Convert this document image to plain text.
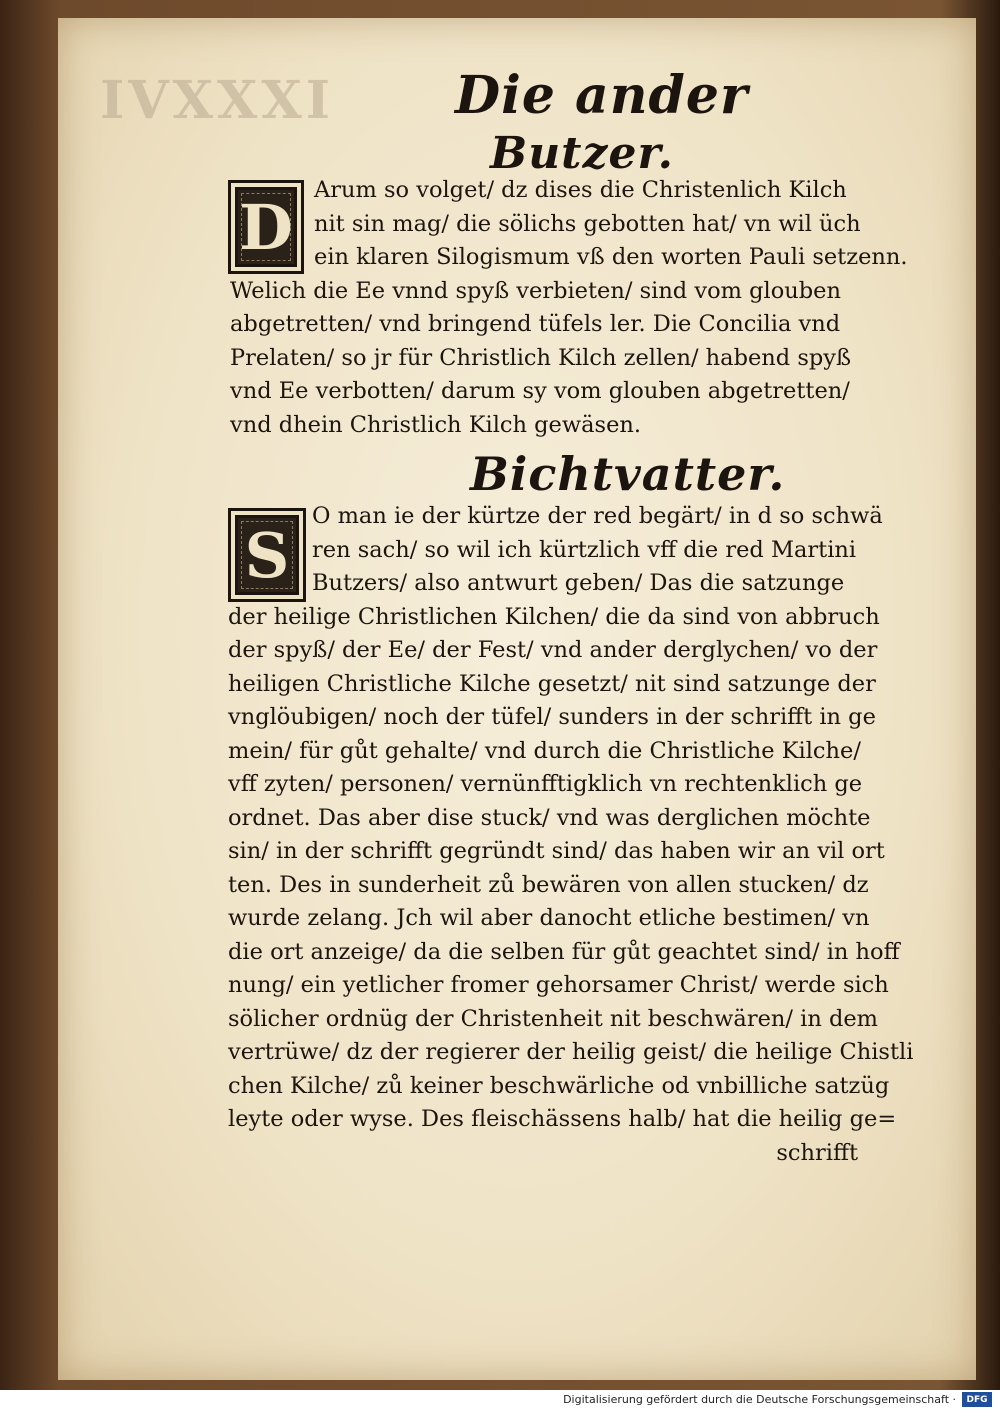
IVXXXI Die ander
Butzer.
D
Arum so volget/ dz dises die Christenlich Kilch
nit sin mag/ die sölichs gebotten hat/ vn wil üch
ein klaren Silogismum vß den worten Pauli setzenn.
Welich die Ee vnnd spyß verbieten/ sind vom glouben
abgetretten/ vnd bringend tüfels ler. Die Concilia vnd
Prelaten/ so jr für Christlich Kilch zellen/ habend spyß
vnd Ee verbotten/ darum sy vom glouben abgetretten/
vnd dhein Christlich Kilch gewäsen.
Bichtvatter.
S
O man ie der kürtze der red begärt/ in d so schwä
ren sach/ so wil ich kürtzlich vff die red Martini
Butzers/ also antwurt geben/ Das die satzunge
der heilige Christlichen Kilchen/ die da sind von abbruch
der spyß/ der Ee/ der Fest/ vnd ander derglychen/ vo der
heiligen Christliche Kilche gesetzt/ nit sind satzunge der
vnglöubigen/ noch der tüfel/ sunders in der schrifft in ge
mein/ für gůt gehalte/ vnd durch die Christliche Kilche/
vff zyten/ personen/ vernünfftigklich vn rechtenklich ge
ordnet. Das aber dise stuck/ vnd was derglichen möchte
sin/ in der schrifft gegründt sind/ das haben wir an vil ort
ten. Des in sunderheit zů bewären von allen stucken/ dz
wurde zelang. Jch wil aber danocht etliche bestimen/ vn
die ort anzeige/ da die selben für gůt geachtet sind/ in hoff
nung/ ein yetlicher fromer gehorsamer Christ/ werde sich
sölicher ordnüg der Christenheit nit beschwären/ in dem
vertrüwe/ dz der regierer der heilig geist/ die heilige Chistli
chen Kilche/ zů keiner beschwärliche od vnbilliche satzüg
leyte oder wyse. Des fleischässens halb/ hat die heilig ge=
schrifft
Digitalisierung gefördert durch die Deutsche Forschungsgemeinschaft ·	DFG
